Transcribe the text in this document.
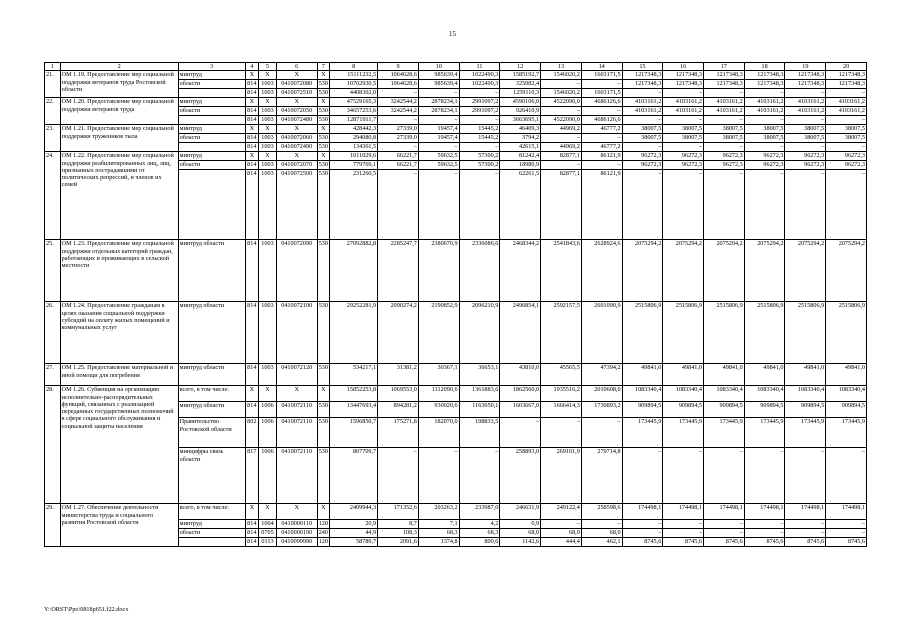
15
1	2	3	4	5	6	7	8	9	10	11	12	13	14	15	16	17	18	19	20
21.	ОМ 1.19. Предоставление мер социальной поддержки ветеранов труда Ростовской области	минтруд	X	X	X	X	15111232,5	1064628,6	985639,4	1022490,3	1585192,7	1546020,2	1603171,5	1217348,3	1217348,3	1217348,3	1217348,3	1217348,3	1217348,3
		области	814	1003	0410072080	530	10702930,5	1064628,6	985639,4	1022490,3	325082,4	–	–	1217348,3	1217348,3	1217348,3	1217348,3	1217348,3	1217348,3
			814	1003	0410072510	530	4408302,0	–	–	–	1259110,3	1546020,2	1603171,5	–	–	–	–	–	–
22.	ОМ 1.20. Предоставление мер социальной поддержки ветеранов труда	минтруд	X	X	X	X	47529165,3	3242544,2	2878234,1	2991097,2	4590106,0	4522090,0	4686126,6	4103161,2	4103161,2	4103161,2	4103161,2	4103161,2	4103161,2
		области	814	1003	0410072050	530	34657253,6	3242544,2	2878234,1	2991097,2	926410,9	–	–	4103161,2	4103161,2	4103161,2	4103161,2	4103161,2	4103161,2
			814	1003	0410072480	530	12871911,7	–	–	–	3663695,1	4522090,0	4686126,6	–	–	–	–	–	–
23.	ОМ 1.21. Предоставление мер социальной поддержки тружеников тыла	минтруд	X	X	X	X	428442,3	27339,0	19457,4	15445,2	46409,3	44969,2	46777,2	38007,5	38007,5	38007,5	38007,5	38007,5	38007,5
		области	814	1003	0410072060	530	294080,8	27339,0	19457,4	15445,2	3794,2	–	–	38007,5	38007,5	38007,5	38007,5	38007,5	38007,5
			814	1003	0410072490	530	134361,5	–	–	–	42615,1	44969,2	46777,2	–	–	–	–	–	–
24.	ОМ 1.22. Предоставление мер социальной поддержки реабилитированных лиц, лиц, признанных пострадавшими от политических репрессий, и членов их семей	минтруд	X	X	X	X	1011029,6	66221,7	59632,5	57300,2	81242,4	82877,1	86121,9	96272,3	96272,3	96272,3	96272,3	96272,3	96272,3
		области	814	1003	0410072070	530	779769,1	66221,7	59632,5	57300,2	18980,9	–	–	96272,3	96272,3	96272,3	96272,3	96272,3	96272,3
			814	1003	0410072500	530	231260,5	–	–	–	62261,5	82877,1	86121,9	–	–	–	–	–	–
25.	ОМ 1.23. Предоставление мер социальной поддержки отдельных категорий граждан, работающих и проживающих в сельской местности	минтруд области	814	1003	0410072090	530	27092882,8	2285247,7	2380670,9	2336086,6	2468344,2	2541843,6	2628924,6	2075294,2	2075294,2	2075294,2	2075294,2	2075294,2	2075294,2
26.	ОМ 1.24. Предоставление гражданам в целях оказания социальной поддержки субсидий на оплату жилых помещений и коммунальных услуг	минтруд области	814	1003	0410072100	530	29252281,9	2090274,2	2190852,9	2096210,9	2496854,1	2592157,5	2691090,9	2515806,9	2515806,9	2515806,9	2515806,9	2515806,9	2515806,9
27.	ОМ 1.25. Предоставление материальной и иной помощи для погребения	минтруд области	814	1003	0410072120	530	534217,1	31381,2	30367,1	36653,1	43810,0	45565,5	47394,2	49841,0	49841,0	49841,0	49841,0	49841,0	49841,0
28.	ОМ 1.26. Субвенция на организацию исполнительно-распорядительных функций, связанных с реализацией переданных государственных полномочий в сфере социального обслуживания и социальной защиты населения	всего, в том числе:	X	X	X	X	15852253,8	1069553,0	1112090,6	1361883,6	1862560,0	1935516,2	2010608,0	1083340,4	1083340,4	1083340,4	1083340,4	1083340,4	1083340,4
		минтруд области	814	1006	0410072110	530	13447693,4	894281,2	930020,6	1163050,1	1603667,0	1666414,3	1730893,2	909894,5	909894,5	909894,5	909894,5	909894,5	909894,5
		Правительство Ростовской области	802	1006	0410072110	530	1596850,7	175271,8	182070,0	198833,5	–	–	–	173445,9	173445,9	173445,9	173445,9	173445,9	173445,9
		минцифры связь области	817	1006	0410072110	530	807709,7	–	–	–	258893,0	269101,9	279714,8	–	–	–	–	–	–
29.	ОМ 1.27. Обеспечение деятельности министерства труда и социального развития Ростовской области	всего, в том числе:	X	X	X	X	2409944,3	171352,6	203263,2	233987,0	246631,9	249122,4	258598,6	174498,1	174498,1	174498,1	174498,1	174498,1	174498,1
		минтруд	814	1004	0410000110	120	20,9	8,7	7,1	4,2	0,9	–	–	–	–	–	–	–	–
		области	814	0705	0410000190	240	44,9	108,3	68,3	68,3	68,0	68,0	68,0	–	–	–	–	–	–
			814	0113	0410099990	120	58789,7	2091,6	1374,8	800,6	1142,6	444,4	462,1	8745,6	8745,6	8745,6	8745,6	8745,6	8745,6
Y:\ORST\Ppo\0818p651.f22.docx
